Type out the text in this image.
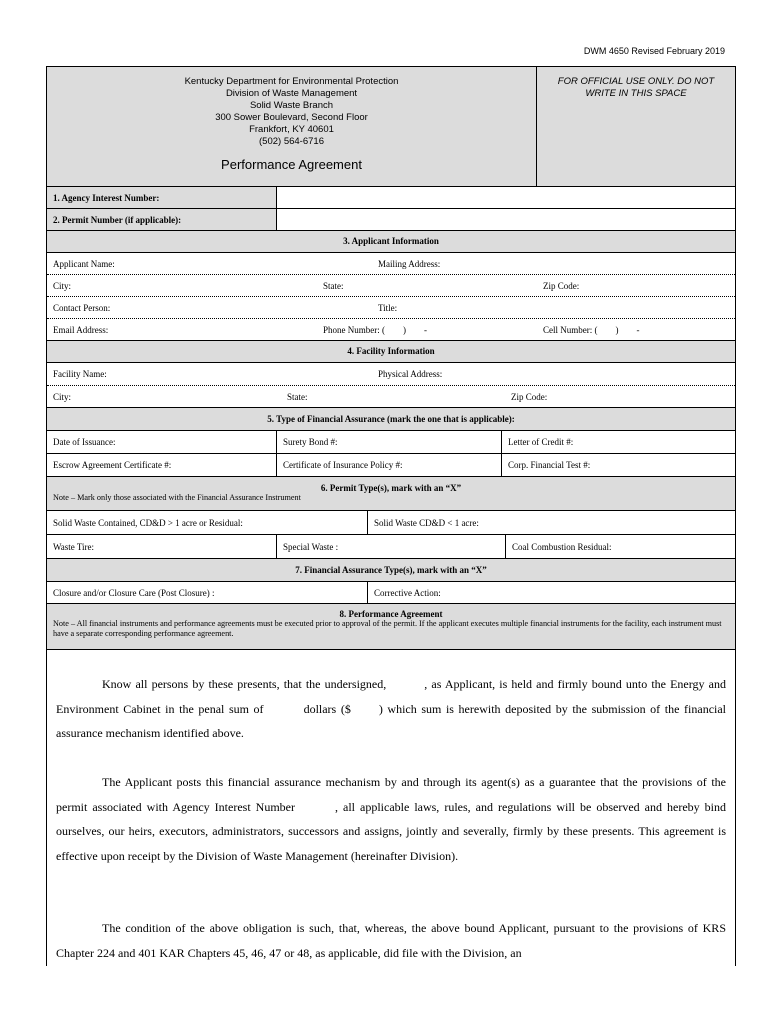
DWM 4650 Revised February 2019
Kentucky Department for Environmental Protection
Division of Waste Management
Solid Waste Branch
300 Sower Boulevard, Second Floor
Frankfort, KY 40601
(502) 564-6716
Performance Agreement
FOR OFFICIAL USE ONLY. DO NOT WRITE IN THIS SPACE
1. Agency Interest Number:
2. Permit Number (if applicable):
3. Applicant Information
Applicant Name:	Mailing Address:
City:	State:	Zip Code:
Contact Person:	Title:
Email Address:	Phone Number: (        )        -	Cell Number: (        )        -
4. Facility Information
Facility Name:	Physical Address:
City:	State:	Zip Code:
5. Type of Financial Assurance (mark the one that is applicable):
Date of Issuance:	Surety Bond #:	Letter of Credit #:
Escrow Agreement Certificate #:	Certificate of Insurance Policy #:	Corp. Financial Test #:
6. Permit Type(s), mark with an “X”
Note – Mark only those associated with the Financial Assurance Instrument
Solid Waste Contained, CD&D > 1 acre or Residual:	Solid Waste CD&D < 1 acre:
Waste Tire:	Special Waste :	Coal Combustion Residual:
7. Financial Assurance Type(s), mark with an “X”
Closure and/or Closure Care (Post Closure) :	Corrective Action:
8. Performance Agreement
Note – All financial instruments and performance agreements must be executed prior to approval of the permit. If the applicant executes multiple financial instruments for the facility, each instrument must have a separate corresponding performance agreement.
Know all persons by these presents, that the undersigned,	, as Applicant, is held and firmly bound unto the Energy and Environment Cabinet in the penal sum of	dollars ($ ) which sum is herewith deposited by the submission of the financial assurance mechanism identified above.
The Applicant posts this financial assurance mechanism by and through its agent(s) as a guarantee that the provisions of the permit associated with Agency Interest Number	, all applicable laws, rules, and regulations will be observed and hereby bind ourselves, our heirs, executors, administrators, successors and assigns, jointly and severally, firmly by these presents. This agreement is effective upon receipt by the Division of Waste Management (hereinafter Division).
The condition of the above obligation is such, that, whereas, the above bound Applicant, pursuant to the provisions of KRS Chapter 224 and 401 KAR Chapters 45, 46, 47 or 48, as applicable, did file with the Division, an
